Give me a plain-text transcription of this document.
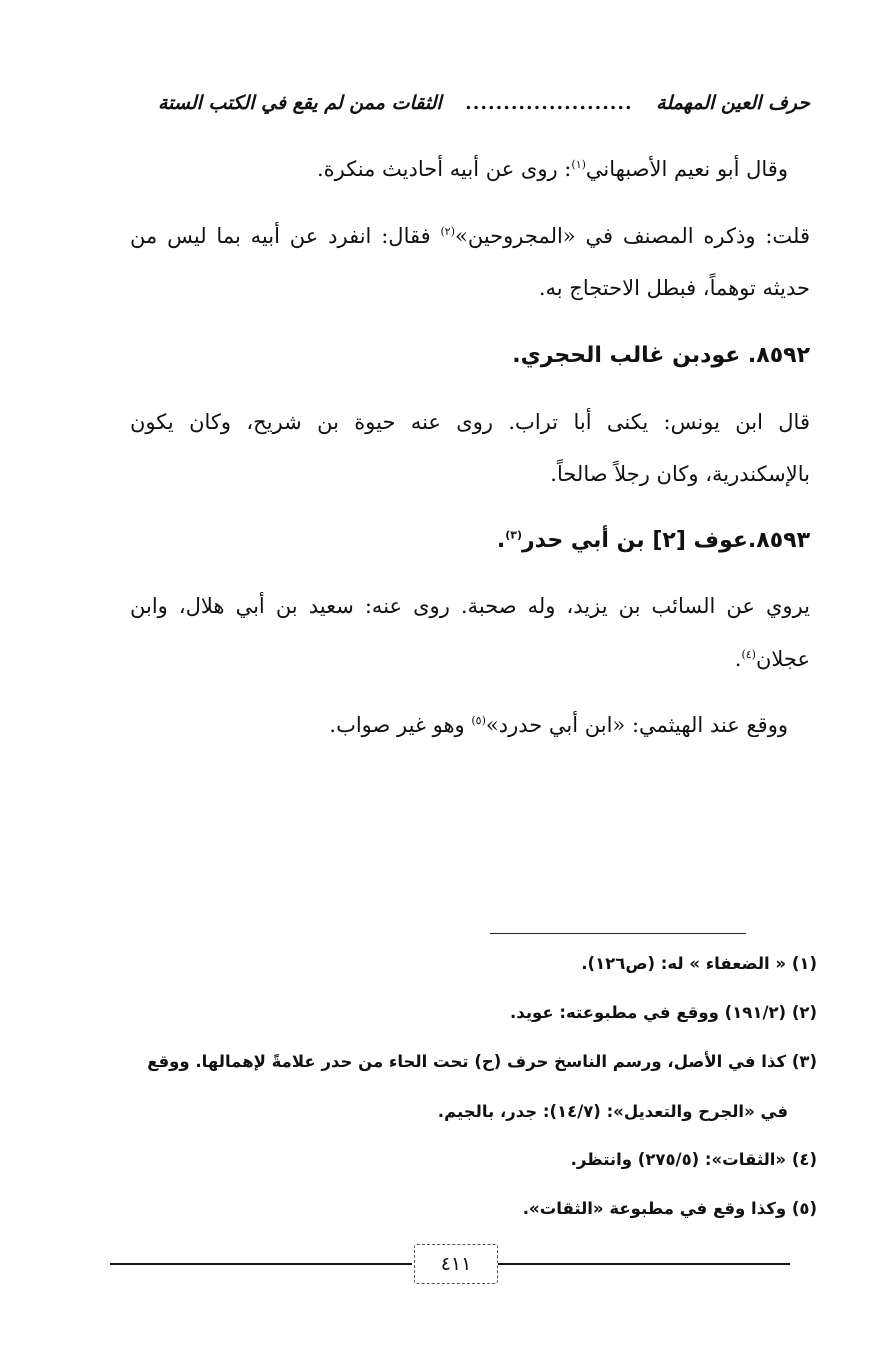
حرف العين المهملة
......................
الثقات ممن لم يقع في الكتب الستة
وقال أبو نعيم الأصبهاني$^{(١)}$: روى عن أبيه أحاديث منكرة.
قلت: وذكره المصنف في «المجروحين»$^{(٢)}$ فقال: انفرد عن أبيه بما ليس من
حديثه توهماً، فبطل الاحتجاج به.
٨٥٩٢. عودبن غالب الحجري.
قال ابن يونس: يكنى أبا تراب. روى عنه حيوة بن شريح، وكان يكون
بالإسكندرية، وكان رجلاً صالحاً.
٨٥٩٣.عوف [٢] بن أبي حدر$^{(٣)}$.
يروي عن السائب بن يزيد، وله صحبة. روى عنه: سعيد بن أبي هلال، وابن
عجلان$^{(٤)}$.
ووقع عند الهيثمي: «ابن أبي حدرد»$^{(٥)}$ وهو غير صواب.
(١) « الضعفاء » له: (ص١٢٦).
(٢) (١٩١/٢) ووقع في مطبوعته: عويد.
(٣) كذا في الأصل، ورسم الناسخ حرف (ح) تحت الحاء من حدر علامةً لإهمالها. ووقع
في «الجرح والتعديل»: (١٤/٧): جدر، بالجيم.
(٤) «الثقات»: (٢٧٥/٥) وانتظر.
(٥) وكذا وقع في مطبوعة «الثقات».
٤١١
